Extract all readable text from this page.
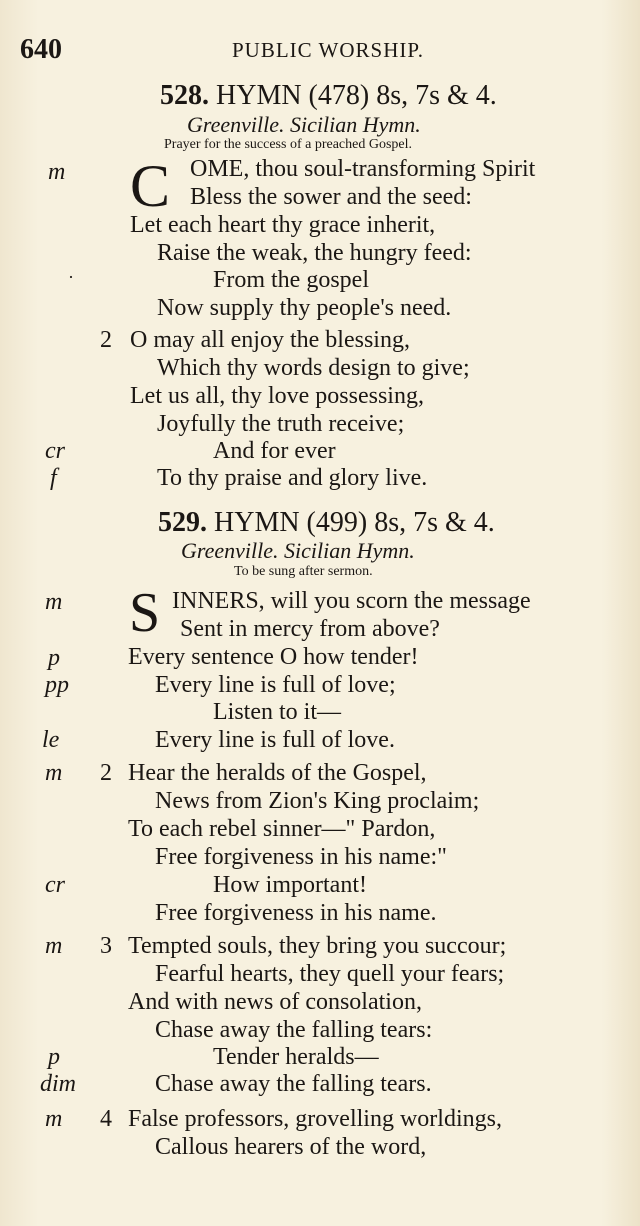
640	PUBLIC WORSHIP.
528. HYMN (478) 8s, 7s & 4.
Greenville. Sicilian Hymn.
Prayer for the success of a preached Gospel.
m
·
cr
f
C OME, thou soul-transforming Spirit
Bless the sower and the seed:
Let each heart thy grace inherit,
Raise the weak, the hungry feed:
From the gospel
Now supply thy people's need.
2 O may all enjoy the blessing,
Which thy words design to give;
Let us all, thy love possessing,
Joyfully the truth receive;
And for ever
To thy praise and glory live.
529. HYMN (499) 8s, 7s & 4.
Greenville. Sicilian Hymn.
To be sung after sermon.
m
p
pp
le
m
cr
m
p
dim
m
S INNERS, will you scorn the message
Sent in mercy from above?
Every sentence O how tender!
Every line is full of love;
Listen to it—
Every line is full of love.
2 Hear the heralds of the Gospel,
News from Zion's King proclaim;
To each rebel sinner—" Pardon,
Free forgiveness in his name:"
How important!
Free forgiveness in his name.
3 Tempted souls, they bring you succour;
Fearful hearts, they quell your fears;
And with news of consolation,
Chase away the falling tears:
Tender heralds—
Chase away the falling tears.
4 False professors, grovelling worldings,
Callous hearers of the word,
